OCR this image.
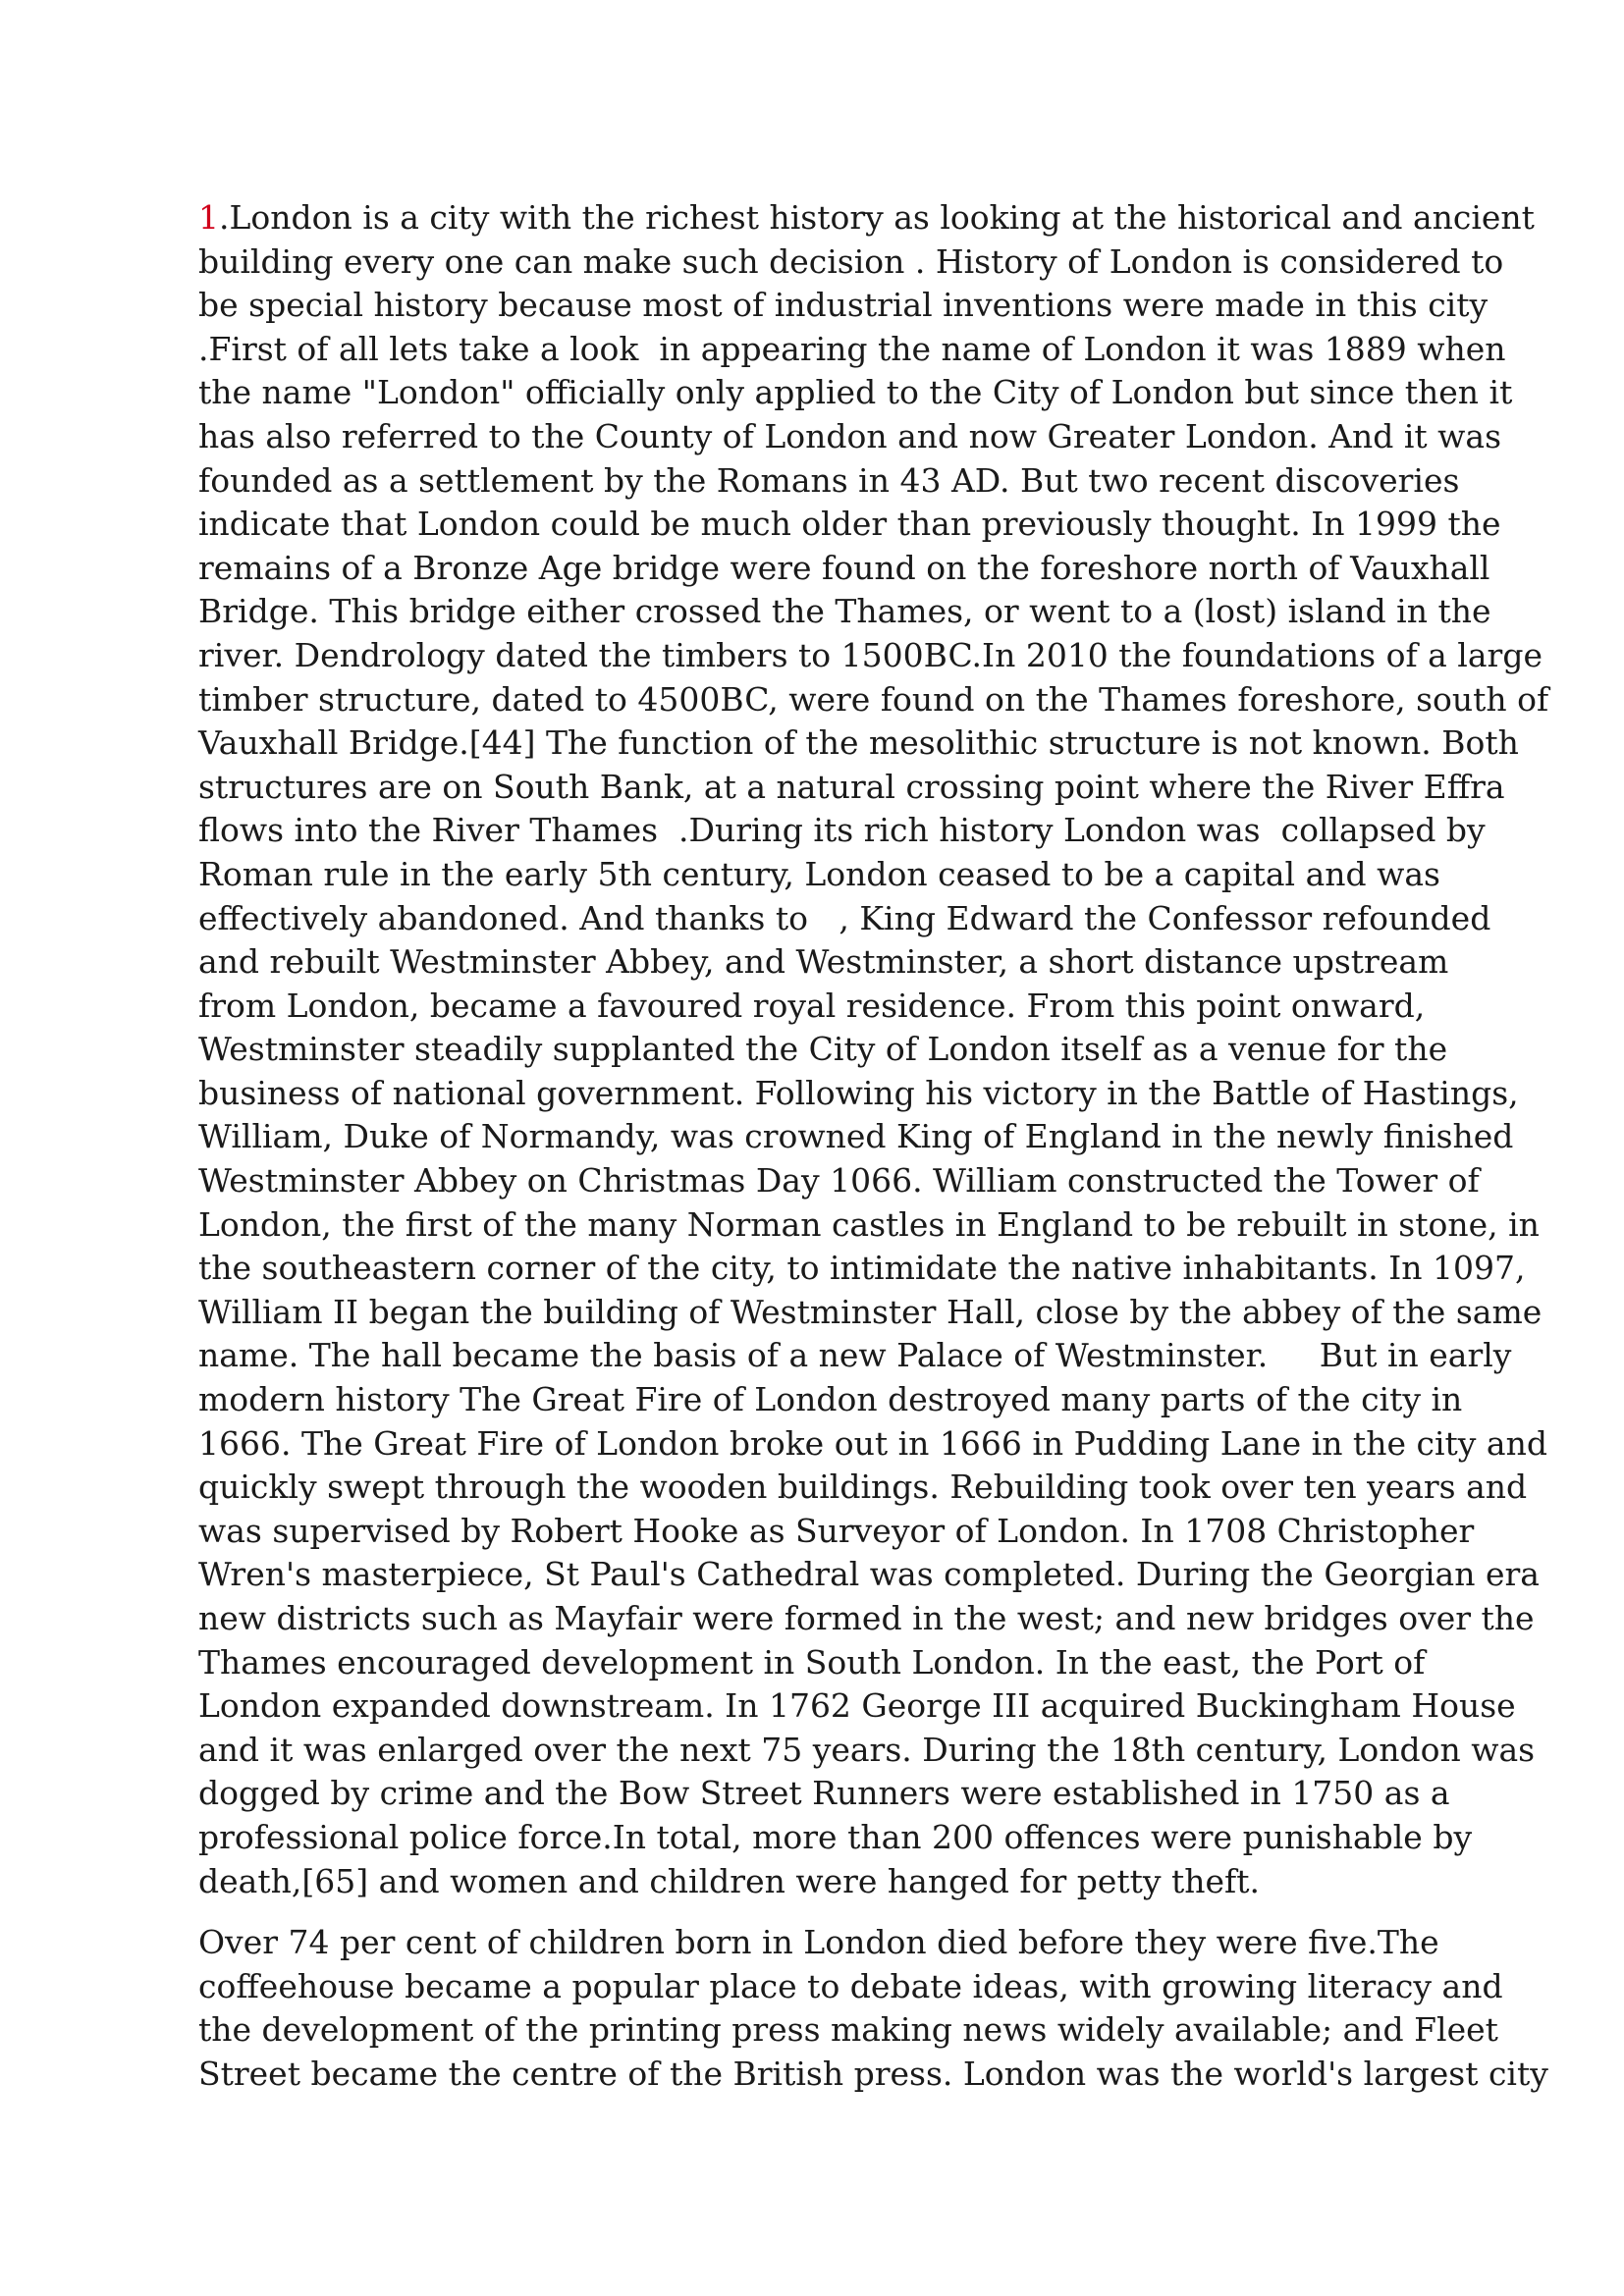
1.London is a city with the richest history as looking at the historical and ancient
building every one can make such decision . History of London is considered to
be special history because most of industrial inventions were made in this city
.First of all lets take a look  in appearing the name of London it was 1889 when
the name "London" officially only applied to the City of London but since then it
has also referred to the County of London and now Greater London. And it was
founded as a settlement by the Romans in 43 AD. But two recent discoveries
indicate that London could be much older than previously thought. In 1999 the
remains of a Bronze Age bridge were found on the foreshore north of Vauxhall
Bridge. This bridge either crossed the Thames, or went to a (lost) island in the
river. Dendrology dated the timbers to 1500BC.In 2010 the foundations of a large
timber structure, dated to 4500BC, were found on the Thames foreshore, south of
Vauxhall Bridge.[44] The function of the mesolithic structure is not known. Both
structures are on South Bank, at a natural crossing point where the River Effra
flows into the River Thames  .During its rich history London was  collapsed by
Roman rule in the early 5th century, London ceased to be a capital and was
effectively abandoned. And thanks to   , King Edward the Confessor refounded
and rebuilt Westminster Abbey, and Westminster, a short distance upstream
from London, became a favoured royal residence. From this point onward,
Westminster steadily supplanted the City of London itself as a venue for the
business of national government. Following his victory in the Battle of Hastings,
William, Duke of Normandy, was crowned King of England in the newly finished
Westminster Abbey on Christmas Day 1066. William constructed the Tower of
London, the first of the many Norman castles in England to be rebuilt in stone, in
the southeastern corner of the city, to intimidate the native inhabitants. In 1097,
William II began the building of Westminster Hall, close by the abbey of the same
name. The hall became the basis of a new Palace of Westminster.     But in early
modern history The Great Fire of London destroyed many parts of the city in
1666. The Great Fire of London broke out in 1666 in Pudding Lane in the city and
quickly swept through the wooden buildings. Rebuilding took over ten years and
was supervised by Robert Hooke as Surveyor of London. In 1708 Christopher
Wren's masterpiece, St Paul's Cathedral was completed. During the Georgian era
new districts such as Mayfair were formed in the west; and new bridges over the
Thames encouraged development in South London. In the east, the Port of
London expanded downstream. In 1762 George III acquired Buckingham House
and it was enlarged over the next 75 years. During the 18th century, London was
dogged by crime and the Bow Street Runners were established in 1750 as a
professional police force.In total, more than 200 offences were punishable by
death,[65] and women and children were hanged for petty theft.
Over 74 per cent of children born in London died before they were five.The
coffeehouse became a popular place to debate ideas, with growing literacy and
the development of the printing press making news widely available; and Fleet
Street became the centre of the British press. London was the world's largest city
